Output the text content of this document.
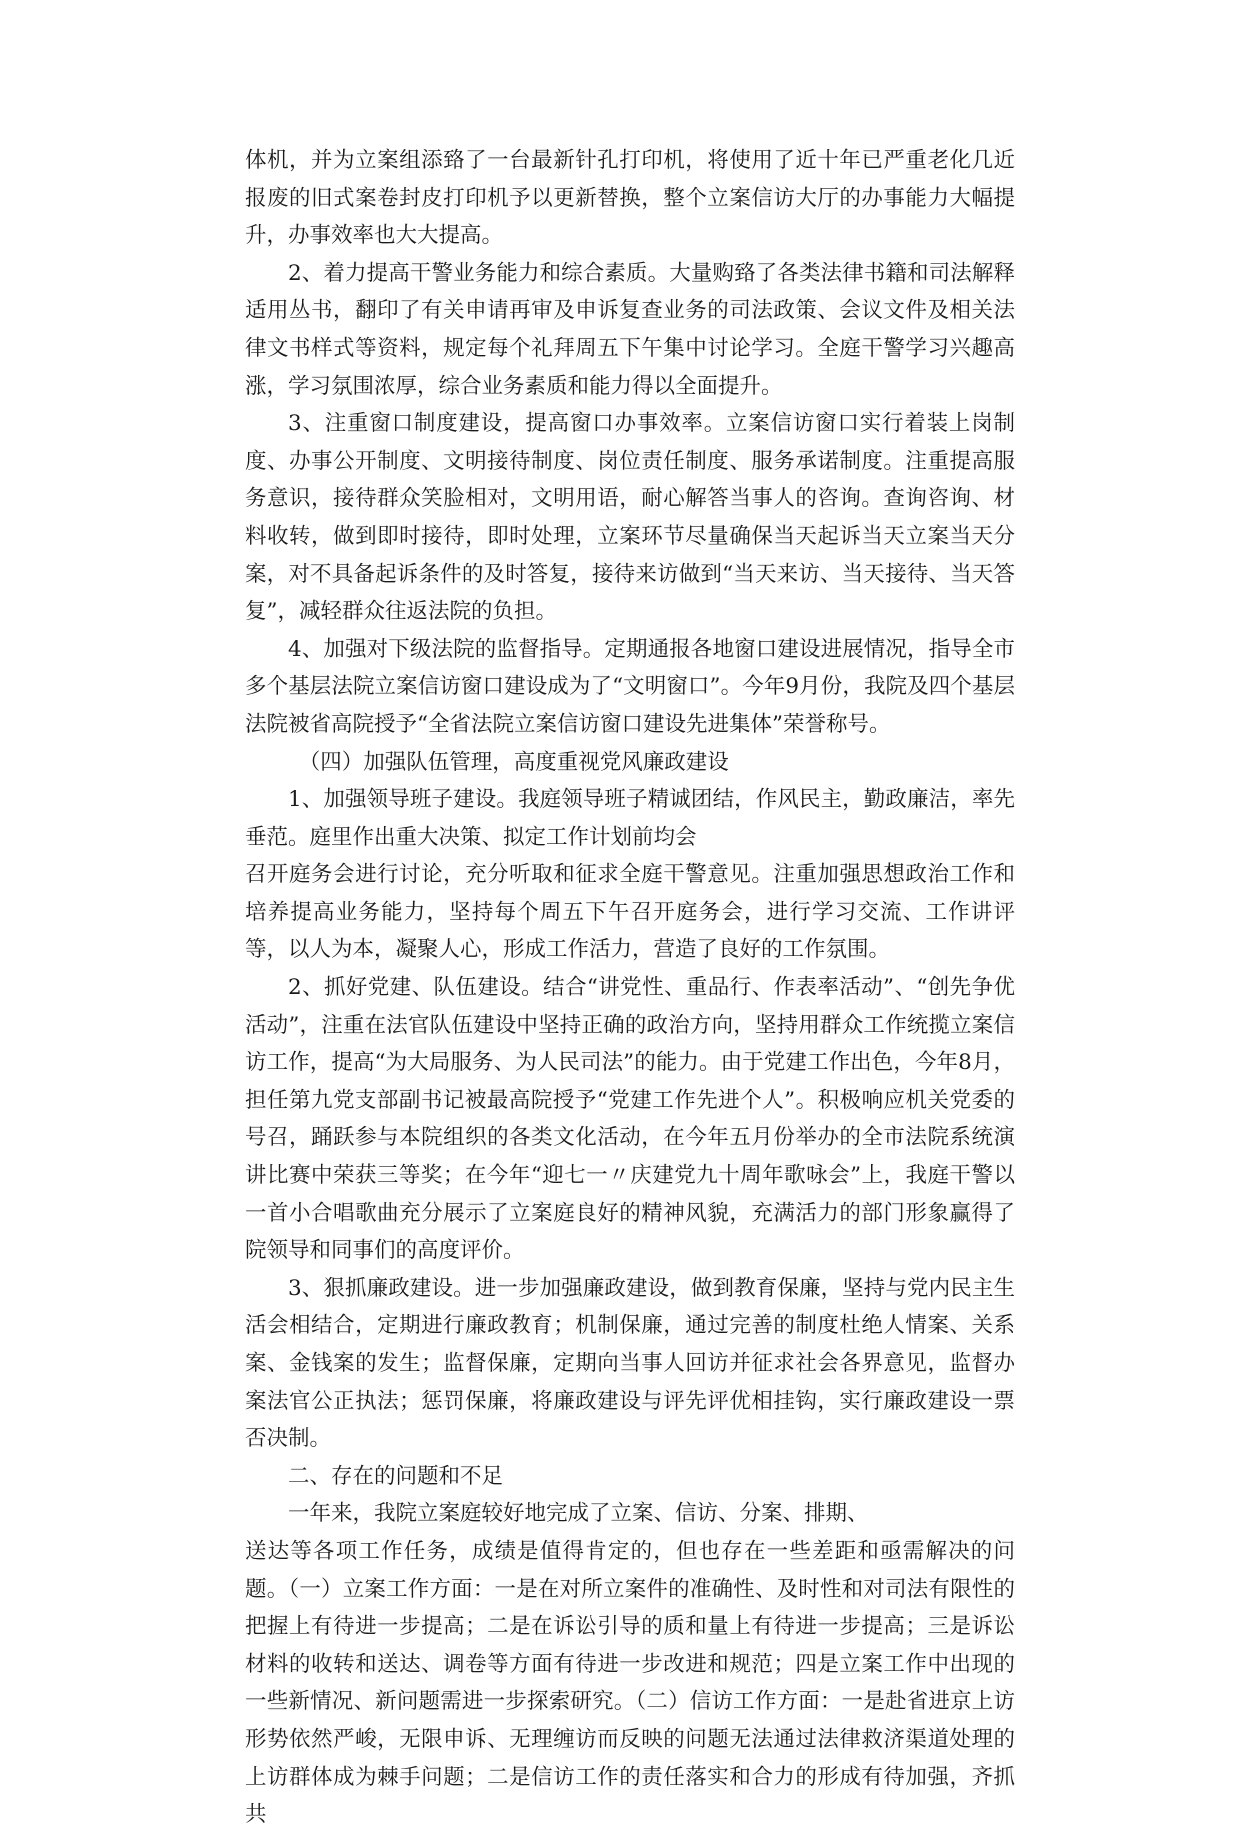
体机，并为立案组添臵了一台最新针孔打印机，将使用了近十年已严重老化几近报废的旧式案卷封皮打印机予以更新替换，整个立案信访大厅的办事能力大幅提升，办事效率也大大提高。

2、着力提高干警业务能力和综合素质。大量购臵了各类法律书籍和司法解释适用丛书，翻印了有关申请再审及申诉复查业务的司法政策、会议文件及相关法律文书样式等资料，规定每个礼拜周五下午集中讨论学习。全庭干警学习兴趣高涨，学习氛围浓厚，综合业务素质和能力得以全面提升。

3、注重窗口制度建设，提高窗口办事效率。立案信访窗口实行着装上岗制度、办事公开制度、文明接待制度、岗位责任制度、服务承诺制度。注重提高服务意识，接待群众笑脸相对，文明用语，耐心解答当事人的咨询。查询咨询、材料收转，做到即时接待，即时处理，立案环节尽量确保当天起诉当天立案当天分案，对不具备起诉条件的及时答复，接待来访做到“当天来访、当天接待、当天答复”，减轻群众往返法院的负担。

4、加强对下级法院的监督指导。定期通报各地窗口建设进展情况，指导全市多个基层法院立案信访窗口建设成为了“文明窗口”。今年9月份，我院及四个基层法院被省高院授予“全省法院立案信访窗口建设先进集体”荣誉称号。

（四）加强队伍管理，高度重视党风廉政建设

1、加强领导班子建设。我庭领导班子精诚团结，作风民主，勤政廉洁，率先垂范。庭里作出重大决策、拟定工作计划前均会

召开庭务会进行讨论，充分听取和征求全庭干警意见。注重加强思想政治工作和培养提高业务能力，坚持每个周五下午召开庭务会，进行学习交流、工作讲评等，以人为本，凝聚人心，形成工作活力，营造了良好的工作氛围。

2、抓好党建、队伍建设。结合“讲党性、重品行、作表率活动”、“创先争优活动”，注重在法官队伍建设中坚持正确的政治方向，坚持用群众工作统揽立案信访工作，提高“为大局服务、为人民司法”的能力。由于党建工作出色，今年8月，担任第九党支部副书记被最高院授予“党建工作先进个人”。积极响应机关党委的号召，踊跃参与本院组织的各类文化活动，在今年五月份举办的全市法院系统演讲比赛中荣获三等奖；在今年“迎七一〃庆建党九十周年歌咏会”上，我庭干警以一首小合唱歌曲充分展示了立案庭良好的精神风貌，充满活力的部门形象赢得了院领导和同事们的高度评价。

3、狠抓廉政建设。进一步加强廉政建设，做到教育保廉，坚持与党内民主生活会相结合，定期进行廉政教育；机制保廉，通过完善的制度杜绝人情案、关系案、金钱案的发生；监督保廉，定期向当事人回访并征求社会各界意见，监督办案法官公正执法；惩罚保廉，将廉政建设与评先评优相挂钩，实行廉政建设一票否决制。

二、存在的问题和不足

一年来，我院立案庭较好地完成了立案、信访、分案、排期、

送达等各项工作任务，成绩是值得肯定的，但也存在一些差距和亟需解决的问题。（一）立案工作方面：一是在对所立案件的准确性、及时性和对司法有限性的把握上有待进一步提高；二是在诉讼引导的质和量上有待进一步提高；三是诉讼材料的收转和送达、调卷等方面有待进一步改进和规范；四是立案工作中出现的一些新情况、新问题需进一步探索研究。（二）信访工作方面：一是赴省进京上访形势依然严峻，无限申诉、无理缠访而反映的问题无法通过法律救济渠道处理的上访群体成为棘手问题；二是信访工作的责任落实和合力的形成有待加强，齐抓共
